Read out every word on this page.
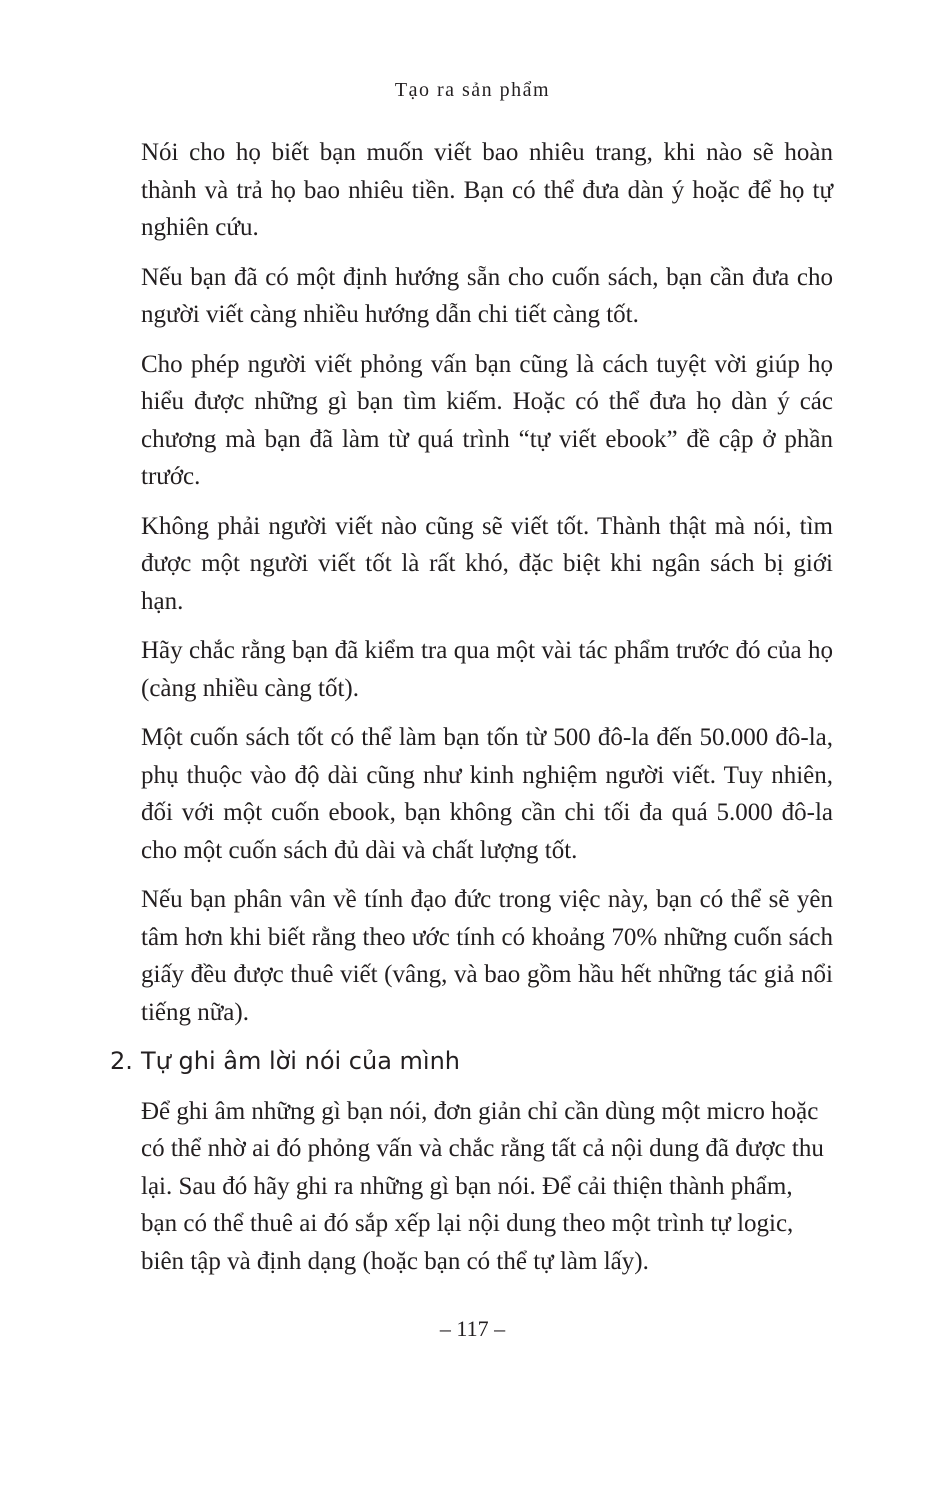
Tạo ra sản phẩm

Nói cho họ biết bạn muốn viết bao nhiêu trang, khi nào sẽ hoàn thành và trả họ bao nhiêu tiền. Bạn có thể đưa dàn ý hoặc để họ tự nghiên cứu.

Nếu bạn đã có một định hướng sẵn cho cuốn sách, bạn cần đưa cho người viết càng nhiều hướng dẫn chi tiết càng tốt.

Cho phép người viết phỏng vấn bạn cũng là cách tuyệt vời giúp họ hiểu được những gì bạn tìm kiếm. Hoặc có thể đưa họ dàn ý các chương mà bạn đã làm từ quá trình “tự viết ebook” đề cập ở phần trước.

Không phải người viết nào cũng sẽ viết tốt. Thành thật mà nói, tìm được một người viết tốt là rất khó, đặc biệt khi ngân sách bị giới hạn.

Hãy chắc rằng bạn đã kiểm tra qua một vài tác phẩm trước đó của họ (càng nhiều càng tốt).

Một cuốn sách tốt có thể làm bạn tốn từ 500 đô-la đến 50.000 đô-la, phụ thuộc vào độ dài cũng như kinh nghiệm người viết. Tuy nhiên, đối với một cuốn ebook, bạn không cần chi tối đa quá 5.000 đô-la cho một cuốn sách đủ dài và chất lượng tốt.

Nếu bạn phân vân về tính đạo đức trong việc này, bạn có thể sẽ yên tâm hơn khi biết rằng theo ước tính có khoảng 70% những cuốn sách giấy đều được thuê viết (vâng, và bao gồm hầu hết những tác giả nổi tiếng nữa).

2. Tự ghi âm lời nói của mình

Để ghi âm những gì bạn nói, đơn giản chỉ cần dùng một micro hoặc có thể nhờ ai đó phỏng vấn và chắc rằng tất cả nội dung đã được thu lại. Sau đó hãy ghi ra những gì bạn nói. Để cải thiện thành phẩm, bạn có thể thuê ai đó sắp xếp lại nội dung theo một trình tự logic, biên tập và định dạng (hoặc bạn có thể tự làm lấy).

– 117 –
